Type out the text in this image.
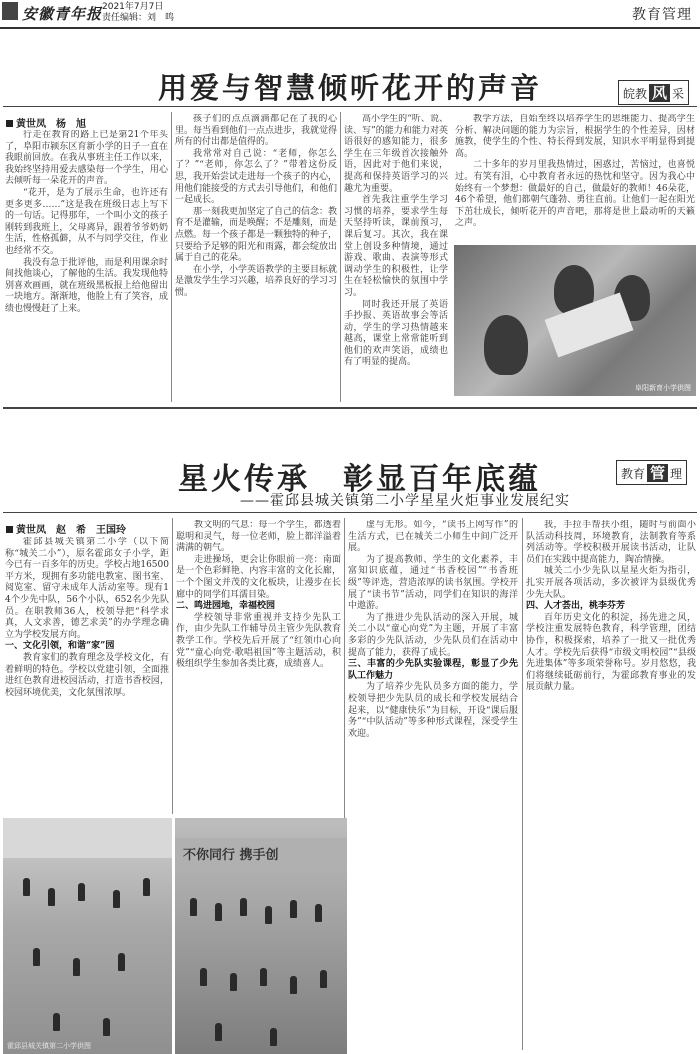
安徽青年报 2021年7月7日
责任编辑：刘　鸣	教育管理
用爱与智慧倾听花开的声音	皖教 风 采
黄世凤　杨　旭

行走在教育的路上已是第21个年头了，阜阳市颍东区育新小学的日子一直在我眼前回放。在我从事班主任工作以来，我始终坚持用爱去感染每一个学生，用心去倾听每一朵花开的声音。

“花开，是为了展示生命，也许还有更多更多……”这是我在班级日志上写下的一句话。记得那年，一个叫小文的孩子刚转到我班上，父母离异，跟着爷爷奶奶生活，性格孤僻，从不与同学交往，作业也经常不交。

我没有急于批评他，而是利用课余时间找他谈心，了解他的生活。我发现他特别喜欢画画，就在班级黑板报上给他留出一块地方。渐渐地，他脸上有了笑容，成绩也慢慢赶了上来。

孩子们的点点滴滴都记在了我的心里。每当看到他们一点点进步，我就觉得所有的付出都是值得的。

我常常对自己说：“老师，你怎么了？”“老师，你怎么了？”带着这份反思，我开始尝试走进每一个孩子的内心，用他们能接受的方式去引导他们，和他们一起成长。

那一刻我更加坚定了自己的信念：教育不是灌输，而是唤醒；不是雕刻，而是点燃。每一个孩子都是一颗独特的种子，只要给予足够的阳光和雨露，都会绽放出属于自己的花朵。

在小学，小学英语教学的主要目标就是激发学生学习兴趣，培养良好的学习习惯。

高小学生的“听、说、读、写”的能力和能力对英语很好的感知能力，很多学生在三年级首次接触外语，因此对于他们来说，提高和保持英语学习的兴趣尤为重要。

首先我注重学生学习习惯的培养，要求学生每天坚持听读，课前预习，课后复习。其次，我在课堂上创设多种情境，通过游戏、歌曲、表演等形式调动学生的积极性，让学生在轻松愉快的氛围中学习。

同时我还开展了英语手抄报、英语故事会等活动，学生的学习热情越来越高，课堂上常常能听到他们的欢声笑语，成绩也有了明显的提高。

教学方法，自始至终以培养学生的思维能力、提高学生分析、解决问题的能力为宗旨，根据学生的个性差异，因材施教，使学生的个性、特长得到发展，知识水平明显得到提高。

二十多年的岁月里我热情过，困惑过，苦恼过，也喜悦过。有笑有泪，心中教育者永远的热忱和坚守。因为我心中始终有一个梦想：做最好的自己，做最好的教师！46朵花，46个希望，他们都朝气蓬勃、勇往直前。让他们一起在阳光下茁壮成长，倾听花开的声音吧，那将是世上最动听的天籁之声。

阜阳新育小学供图
星火传承　彰显百年底蕴
——霍邱县城关镇第二小学星星火炬事业发展纪实
教育 管 理
黄世凤　赵　希　王国玲

霍邱县城关镇第二小学（以下简称“城关二小”），原名霍邱女子小学，距今已有一百多年的历史。学校占地16500平方米，现拥有多功能电教室、图书室、阅览室、留守未成年人活动室等。现有14个少先中队，56个小队，652名少先队员。在职教师36人，校领导把“科学求真，人文求善，德艺求美”的办学理念确立为学校发展方向。

一、文化引领，和谐“家”园

教育家们的教育理念及学校文化，有着鲜明的特色。学校以党建引领，全面推进红色教育进校园活动，打造书香校园，校园环境优美，文化氛围浓厚。

教文明的气息：每一个学生，都透着聪明和灵气，每一位老师，脸上都洋溢着满满的朝气。

走进操场，更会让你眼前一亮：南面是一个色彩鲜艳、内容丰富的文化长廊，一个个图文并茂的文化板块，让漫步在长廊中的同学们耳濡目染。

二、鸣进园地，幸福校园

学校领导非常重视并支持少先队工作，由少先队工作辅导员主管少先队教育教学工作。学校先后开展了“红领巾心向党”“童心向党·歌唱祖国”等主题活动，积极组织学生参加各类比赛，成绩喜人。

虚与无形。如今，“读书上网写作”的生活方式，已在城关二小师生中间广泛开展。

为了提高教师、学生的文化素养，丰富知识底蕴，通过“书香校园”“书香班级”等评选，营造浓厚的读书氛围。学校开展了“读书节”活动，同学们在知识的海洋中遨游。

为了推进少先队活动的深入开展，城关二小以“童心向党”为主题，开展了丰富多彩的少先队活动，少先队员们在活动中提高了能力，获得了成长。

三、丰富的少先队实验课程，彰显了少先队工作魅力

为了培养少先队员多方面的能力，学校领导把少先队员的成长和学校发展结合起来，以“健康快乐”为目标，开设“课后服务”“中队活动”等多种形式课程，深受学生欢迎。

我，手拉手帮扶小组，随时与前面小队活动科技周，环境教育，法制教育等系列活动等。学校积极开展读书活动，让队员们在实践中提高能力，陶冶情操。

城关二小少先队以星星火炬为指引，扎实开展各项活动，多次被评为县级优秀少先大队。

四、人才荟出，桃李芬芳

百年历史文化的积淀，扬先进之风，学校注重发展特色教育，科学管理，团结协作，积极探索，培养了一批又一批优秀人才。学校先后获得“市级文明校园”“县级先进集体”等多项荣誉称号。岁月悠悠，我们将继续砥砺前行，为霍邱教育事业的发展贡献力量。

霍邱县城关镇第二小学供图
不你同行 携手创
